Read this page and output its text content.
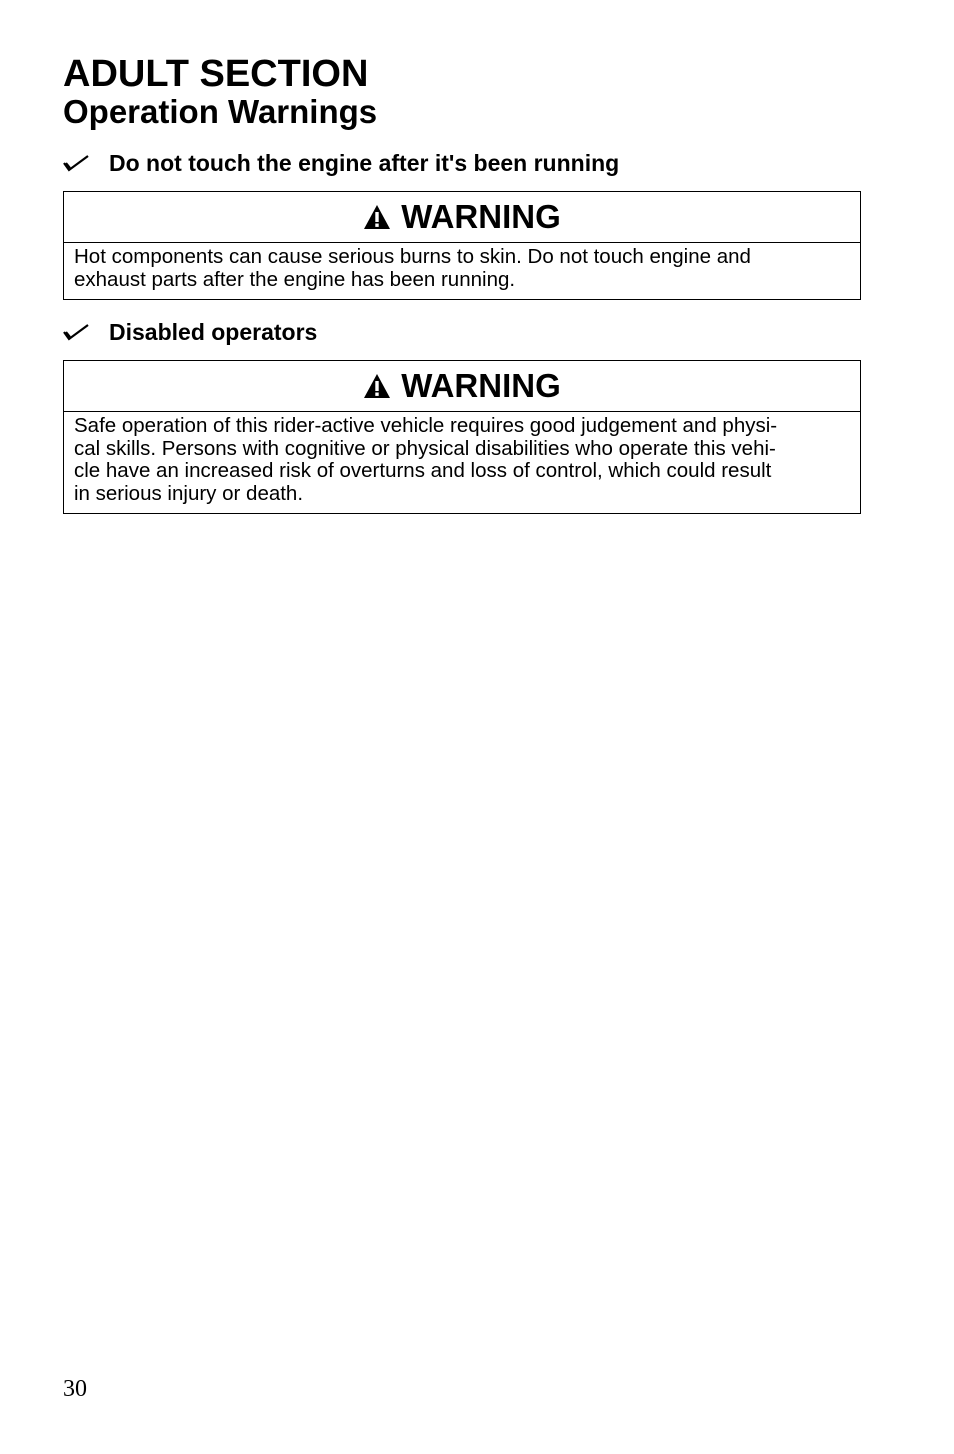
ADULT SECTION
Operation Warnings
Do not touch the engine after it's been running
WARNING
Hot components can cause serious burns to skin. Do not touch engine and
exhaust parts after the engine has been running.
Disabled operators
WARNING
Safe operation of this rider-active vehicle requires good judgement and physi-
cal skills. Persons with cognitive or physical disabilities who operate this vehi-
cle have an increased risk of overturns and loss of control, which could result
in serious injury or death.
30
